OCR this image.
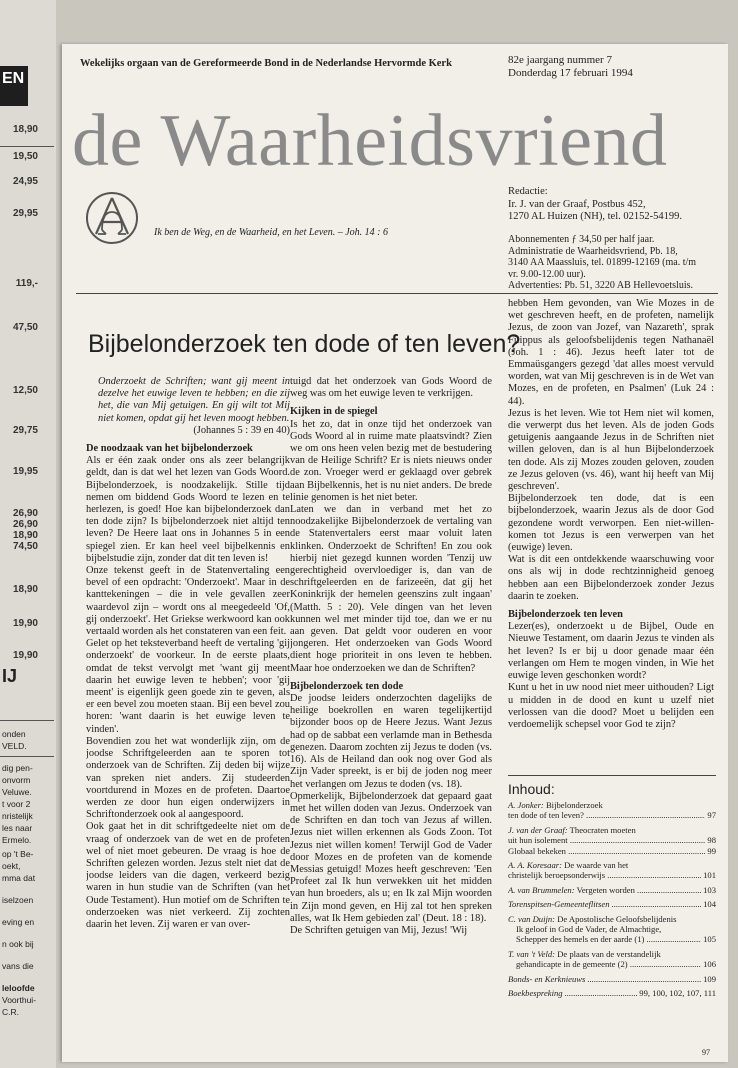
EN
18,90
19,50
24,95
29,95
119,-
47,50
12,50
29,75
19,95
26,90
26,90
18,90
74,50
18,90
19,90
19,90
IJ
onden
VELD.
dig pen-
onvorm
Veluwe.
t voor 2
nristelijk
les naar
Ermelo.
op 't Be-
oekt,
mma dat
iselzoen
eving en
n ook bij
vans die
leloofde
Voorthui-
C.R.
Wekelijks orgaan van de Gereformeerde Bond in de Nederlandse Hervormde Kerk	82e jaargang nummer 7
Donderdag 17 februari 1994
de Waarheidsvriend
Ik ben de Weg, en de Waarheid, en het Leven. – Joh. 14 : 6
Redactie:
Ir. J. van der Graaf, Postbus 452,
1270 AL Huizen (NH), tel. 02152-54199.
Abonnementen ƒ 34,50 per half jaar.
Administratie de Waarheidsvriend, Pb. 18,
3140 AA Maassluis, tel. 01899-12169 (ma. t/m
vr. 9.00-12.00 uur).
Advertenties: Pb. 51, 3220 AB Hellevoetsluis.
Bijbelonderzoek ten dode of ten leven?

Onderzoekt de Schriften; want gij meent in dezelve het euwige leven te hebben; en die zij het, die van Mij getuigen. En gij wilt tot Mij niet komen, opdat gij het leven moogt hebben.

(Johannes 5 : 39 en 40)

De noodzaak van het bijbelonderzoek

Als er één zaak onder ons als zeer belangrijk geldt, dan is dat wel het lezen van Gods Woord. Bijbelonderzoek, is noodzakelijk. Stille tijd nemen om biddend Gods Woord te lezen en te herlezen, is goed! Hoe kan bijbelonderzoek dan ten dode zijn? Is bijbelonderzoek niet altijd ten leven? De Heere laat ons in Johannes 5 in een spiegel zien. Er kan heel veel bijbelkennis en bijbelstudie zijn, zonder dat dit ten leven is!

Onze tekenst geeft in de Statenvertaling een bevel of een opdracht: 'Onderzoekt'. Maar in de kanttekeningen – die in vele gevallen zeer waardevol zijn – wordt ons al meegedeeld 'Of, gij onderzoekt'. Het Griekse werkwoord kan ook vertaald worden als het constateren van een feit.

Gelet op het teksteverband heeft de vertaling 'gij onderzoekt' de voorkeur. In de eerste plaats, omdat de tekst vervolgt met 'want gij meent daarin het euwige leven te hebben'; voor 'gij meent' is eigenlijk geen goede zin te geven, als er een bevel zou moeten staan. Bij een bevel zou horen: 'want daarin is het euwige leven te vinden'.

Bovendien zou het wat wonderlijk zijn, om de joodse Schriftgeleerden aan te sporen tot onderzoek van de Schriften. Zij deden bij wijze van spreken niet anders. Zij studeerden voortdurend in Mozes en de profeten. Daartoe werden ze door hun eigen onderwijzers in Schriftonderzoek ook al aangespoord.

Ook gaat het in dit schriftgedeelte niet om de vraag of onderzoek van de wet en de profeten wel of niet moet gebeuren. De vraag is hoe de Schriften gelezen worden. Jezus stelt niet dat de joodse leiders van die dagen, verkeerd bezig waren in hun studie van de Schriften (van het Oude Testament). Hun motief om de Schriften te onderzoeken was niet verkeerd. Zij zochten daarin het leven. Zij waren er van over-

tuigd dat het onderzoek van Gods Woord de weg was om het euwige leven te verkrijgen.

Kijken in de spiegel

Is het zo, dat in onze tijd het onderzoek van Gods Woord al in ruime mate plaatsvindt? Zien we om ons heen velen bezig met de bestudering van de Heilige Schrift? Er is niets nieuws onder de zon. Vroeger werd er geklaagd over gebrek aan Bijbelkennis, het is nu niet anders. De brede linie genomen is het niet beter.

Laten we dan in verband met het zo noodzakelijke Bijbelonderzoek de vertaling van de Statenvertalers eerst maar voluit laten klinken. Onderzoekt de Schriften! En zou ook hierbij niet gezegd kunnen worden 'Tenzij uw gerechtigheid overvloediger is, dan van de schriftgeleerden en de farizeeën, dat gij het Koninkrijk der hemelen geenszins zult ingaan' (Matth. 5 : 20). Vele dingen van het leven kunnen wel met minder tijd toe, dan we er nu aan geven. Dat geldt voor ouderen en voor jongeren. Het onderzoeken van Gods Woord dient hoge prioriteit in ons leven te hebben. Maar hoe onderzoeken we dan de Schriften?

Bijbelonderzoek ten dode

De joodse leiders onderzochten dagelijks de heilige boekrollen en waren tegelijkertijd bijzonder boos op de Heere Jezus. Want Jezus had op de sabbat een verlamde man in Bethesda genezen. Daarom zochten zij Jezus te doden (vs. 16). Als de Heiland dan ook nog over God als Zijn Vader spreekt, is er bij de joden nog meer het verlangen om Jezus te doden (vs. 18).

Opmerkelijk, Bijbelonderzoek dat gepaard gaat met het willen doden van Jezus. Onderzoek van de Schriften en dan toch van Jezus af willen. Jezus niet willen erkennen als Gods Zoon. Tot Jezus niet willen komen! Terwijl God de Vader door Mozes en de profeten van de komende Messias getuigd! Mozes heeft geschreven: 'Een Profeet zal Ik hun verwekken uit het midden van hun broeders, als u; en Ik zal Mijn woorden in Zijn mond geven, en Hij zal tot hen spreken alles, wat Ik Hem gebieden zal' (Deut. 18 : 18).

De Schriften getuigen van Mij, Jezus! 'Wij

hebben Hem gevonden, van Wie Mozes in de wet geschreven heeft, en de profeten, namelijk Jezus, de zoon van Jozef, van Nazareth', sprak Filippus als geloofsbelijdenis tegen Nathanaël (Joh. 1 : 46). Jezus heeft later tot de Emmaüsgangers gezegd 'dat alles moest vervuld worden, wat van Mij geschreven is in de Wet van Mozes, en de profeten, en Psalmen' (Luk 24 : 44).

Jezus is het leven. Wie tot Hem niet wil komen, die verwerpt dus het leven. Als de joden Gods getuigenis aangaande Jezus in de Schriften niet willen geloven, dan is al hun Bijbelonderzoek ten dode. Als zij Mozes zouden geloven, zouden ze Jezus geloven (vs. 46), want hij heeft van Mij geschreven'.

Bijbelonderzoek ten dode, dat is een bijbelonderzoek, waarin Jezus als de door God gezondene wordt verworpen. Een niet-willen-komen tot Jezus is een verwerpen van het (euwige) leven.

Wat is dit een ontdekkende waarschuwing voor ons als wij in dode rechtzinnigheid genoeg hebben aan een Bijbelonderzoek zonder Jezus daarin te zoeken.

Bijbelonderzoek ten leven

Lezer(es), onderzoekt u de Bijbel, Oude en Nieuwe Testament, om daarin Jezus te vinden als het leven? Is er bij u door genade maar één verlangen om Hem te mogen vinden, in Wie het euwige leven geschonken wordt?

Kunt u het in uw nood niet meer uithouden? Ligt u midden in de dood en kunt u uzelf niet verlossen van die dood? Moet u belijden een verdoemelijk schepsel voor God te zijn?

Inhoud:
A. Jonker: Bijbelonderzoek
ten dode of ten leven? .....	97
J. van der Graaf: Theocraten moeten
uit hun isolement .....	98
Globaal bekeken .....	99
A. A. Koresaar: De waarde van het
christelijk beroepsonderwijs .....	101
A. van Brummelen: Vergeten worden .....	103
Torenspitsen-Gemeenteflitsen .....	104
C. van Duijn: De Apostolische Geloofsbelijdenis
Ik geloof in God de Vader, de Almachtige,
Schepper des hemels en der aarde (1) .....	105
T. van 't Veld: De plaats van de verstandelijk
gehandicapte in de gemeente (2) .....	106
Bonds- en Kerknieuws .....	109
Boekbespreking .....	99, 100, 102, 107, 111
97
